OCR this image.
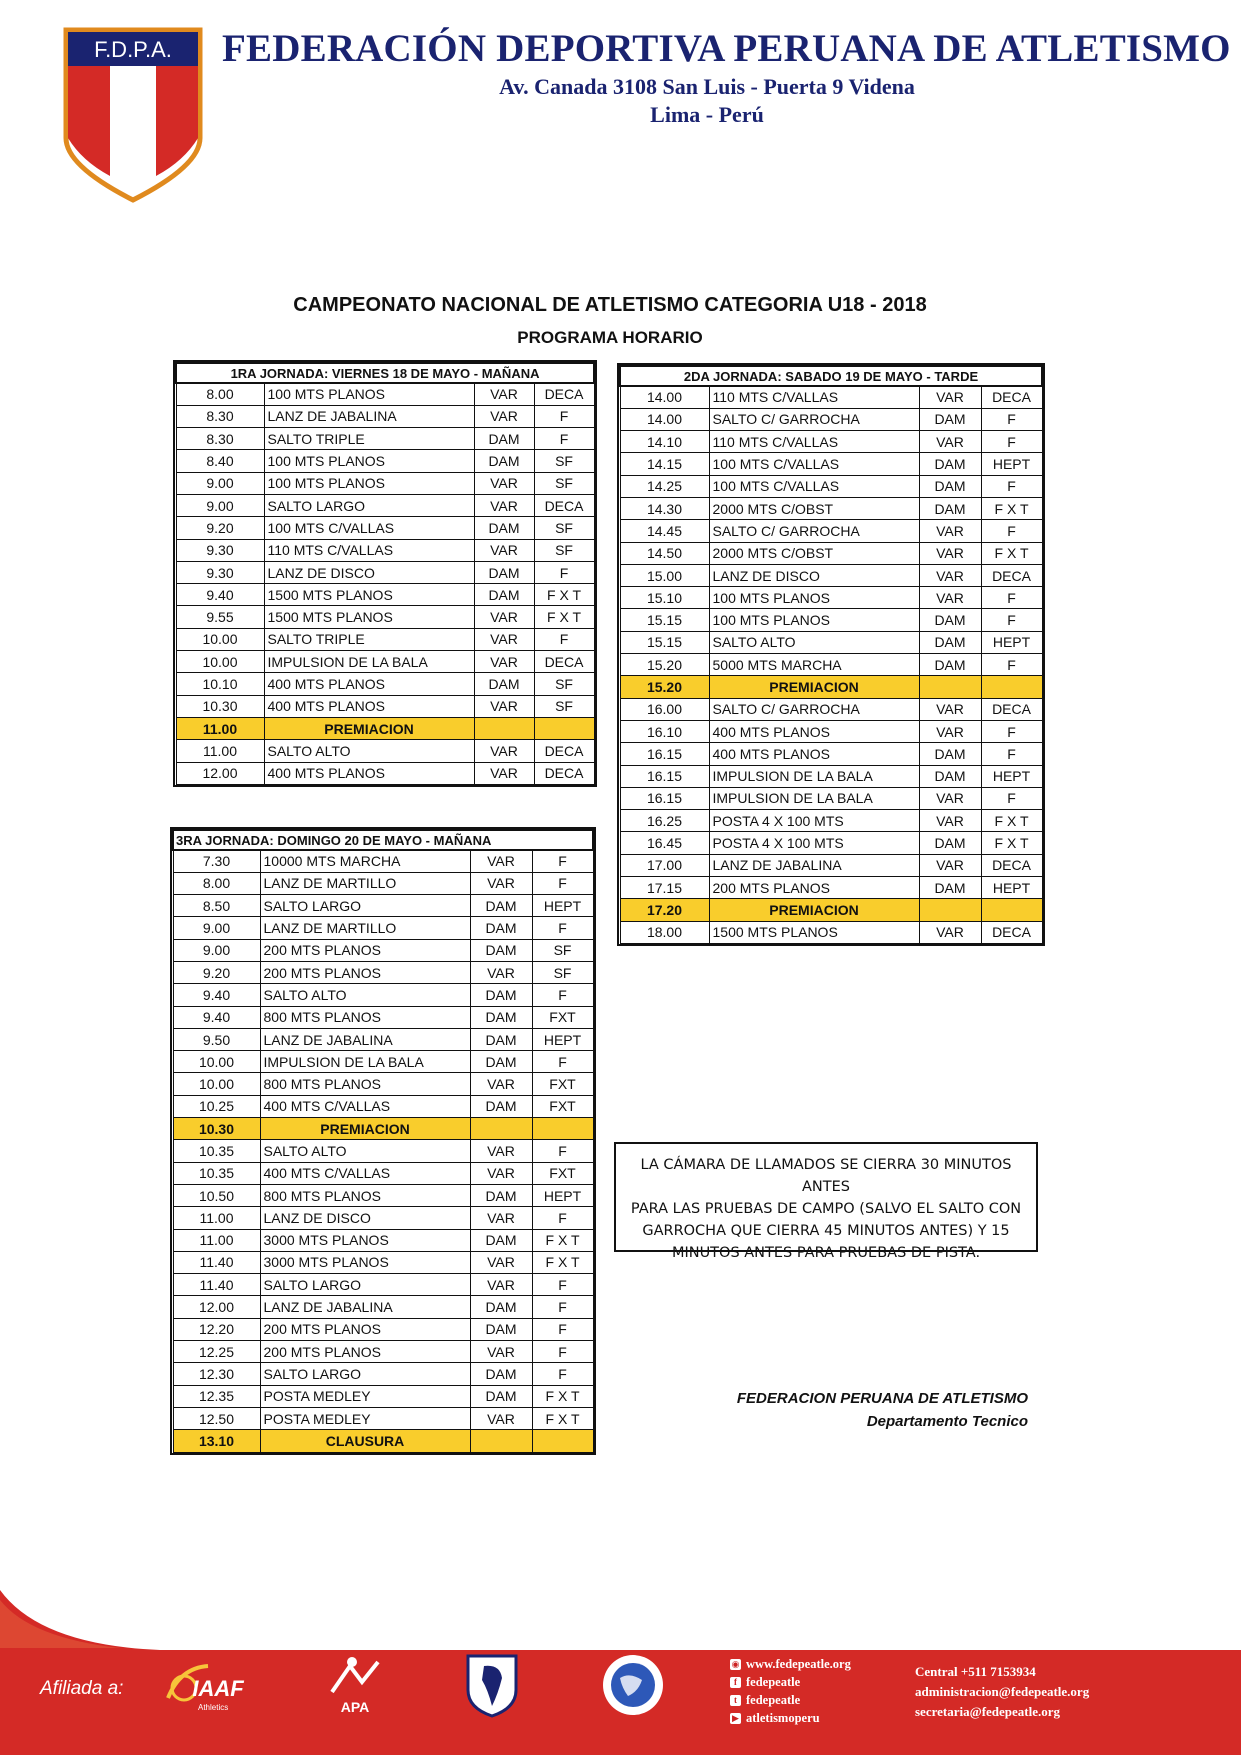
F.D.P.A. FEDERACIÓN DEPORTIVA PERUANA DE ATLETISMO
Av. Canada 3108 San Luis - Puerta 9 Videna
Lima - Perú
CAMPEONATO NACIONAL DE ATLETISMO CATEGORIA U18 - 2018
PROGRAMA HORARIO
1RA JORNADA: VIERNES 18 DE MAYO - MAÑANA			
8.00	100 MTS PLANOS	VAR	DECA
8.30	LANZ DE JABALINA	VAR	F
8.30	SALTO TRIPLE	DAM	F
8.40	100 MTS PLANOS	DAM	SF
9.00	100 MTS PLANOS	VAR	SF
9.00	SALTO LARGO	VAR	DECA
9.20	100 MTS C/VALLAS	DAM	SF
9.30	110 MTS C/VALLAS	VAR	SF
9.30	LANZ DE DISCO	DAM	F
9.40	1500 MTS PLANOS	DAM	F X T
9.55	1500 MTS PLANOS	VAR	F X T
10.00	SALTO TRIPLE	VAR	F
10.00	IMPULSION DE LA BALA	VAR	DECA
10.10	400 MTS PLANOS	DAM	SF
10.30	400 MTS PLANOS	VAR	SF
11.00	PREMIACION		
11.00	SALTO ALTO	VAR	DECA
12.00	400 MTS PLANOS	VAR	DECA
2DA JORNADA: SABADO 19 DE MAYO - TARDE			
14.00	110 MTS C/VALLAS	VAR	DECA
14.00	SALTO C/ GARROCHA	DAM	F
14.10	110 MTS C/VALLAS	VAR	F
14.15	100 MTS C/VALLAS	DAM	HEPT
14.25	100 MTS C/VALLAS	DAM	F
14.30	2000 MTS C/OBST	DAM	F X T
14.45	SALTO C/ GARROCHA	VAR	F
14.50	2000 MTS C/OBST	VAR	F X T
15.00	LANZ DE DISCO	VAR	DECA
15.10	100 MTS PLANOS	VAR	F
15.15	100 MTS PLANOS	DAM	F
15.15	SALTO ALTO	DAM	HEPT
15.20	5000 MTS MARCHA	DAM	F
15.20	PREMIACION		
16.00	SALTO C/ GARROCHA	VAR	DECA
16.10	400 MTS PLANOS	VAR	F
16.15	400 MTS PLANOS	DAM	F
16.15	IMPULSION DE LA BALA	DAM	HEPT
16.15	IMPULSION DE LA BALA	VAR	F
16.25	POSTA 4 X 100 MTS	VAR	F X T
16.45	POSTA 4 X 100 MTS	DAM	F X T
17.00	LANZ DE JABALINA	VAR	DECA
17.15	200 MTS PLANOS	DAM	HEPT
17.20	PREMIACION		
18.00	1500 MTS PLANOS	VAR	DECA
3RA JORNADA: DOMINGO 20 DE MAYO - MAÑANA			
7.30	10000 MTS MARCHA	VAR	F
8.00	LANZ DE MARTILLO	VAR	F
8.50	SALTO LARGO	DAM	HEPT
9.00	LANZ DE MARTILLO	DAM	F
9.00	200 MTS PLANOS	DAM	SF
9.20	200 MTS PLANOS	VAR	SF
9.40	SALTO ALTO	DAM	F
9.40	800 MTS PLANOS	DAM	FXT
9.50	LANZ DE JABALINA	DAM	HEPT
10.00	IMPULSION DE LA BALA	DAM	F
10.00	800 MTS PLANOS	VAR	FXT
10.25	400 MTS C/VALLAS	DAM	FXT
10.30	PREMIACION		
10.35	SALTO ALTO	VAR	F
10.35	400 MTS C/VALLAS	VAR	FXT
10.50	800 MTS PLANOS	DAM	HEPT
11.00	LANZ DE DISCO	VAR	F
11.00	3000 MTS PLANOS	DAM	F X T
11.40	3000 MTS PLANOS	VAR	F X T
11.40	SALTO LARGO	VAR	F
12.00	LANZ DE JABALINA	DAM	F
12.20	200 MTS PLANOS	DAM	F
12.25	200 MTS PLANOS	VAR	F
12.30	SALTO LARGO	DAM	F
12.35	POSTA MEDLEY	DAM	F X T
12.50	POSTA MEDLEY	VAR	F X T
13.10	CLAUSURA		
LA CÁMARA DE LLAMADOS SE CIERRA 30 MINUTOS ANTES
PARA LAS PRUEBAS DE CAMPO (SALVO EL SALTO CON
GARROCHA QUE CIERRA 45 MINUTOS ANTES) Y 15
MINUTOS ANTES PARA PRUEBAS DE PISTA.
FEDERACION PERUANA DE ATLETISMO
Departamento Tecnico
Afiliada a:	IAAF
Athletics	APA
◉ www.fedepeatle.org
f fedepeatle
t fedepeatle
▶ atletismoperu
Central +511 7153934
administracion@fedepeatle.org
secretaria@fedepeatle.org
